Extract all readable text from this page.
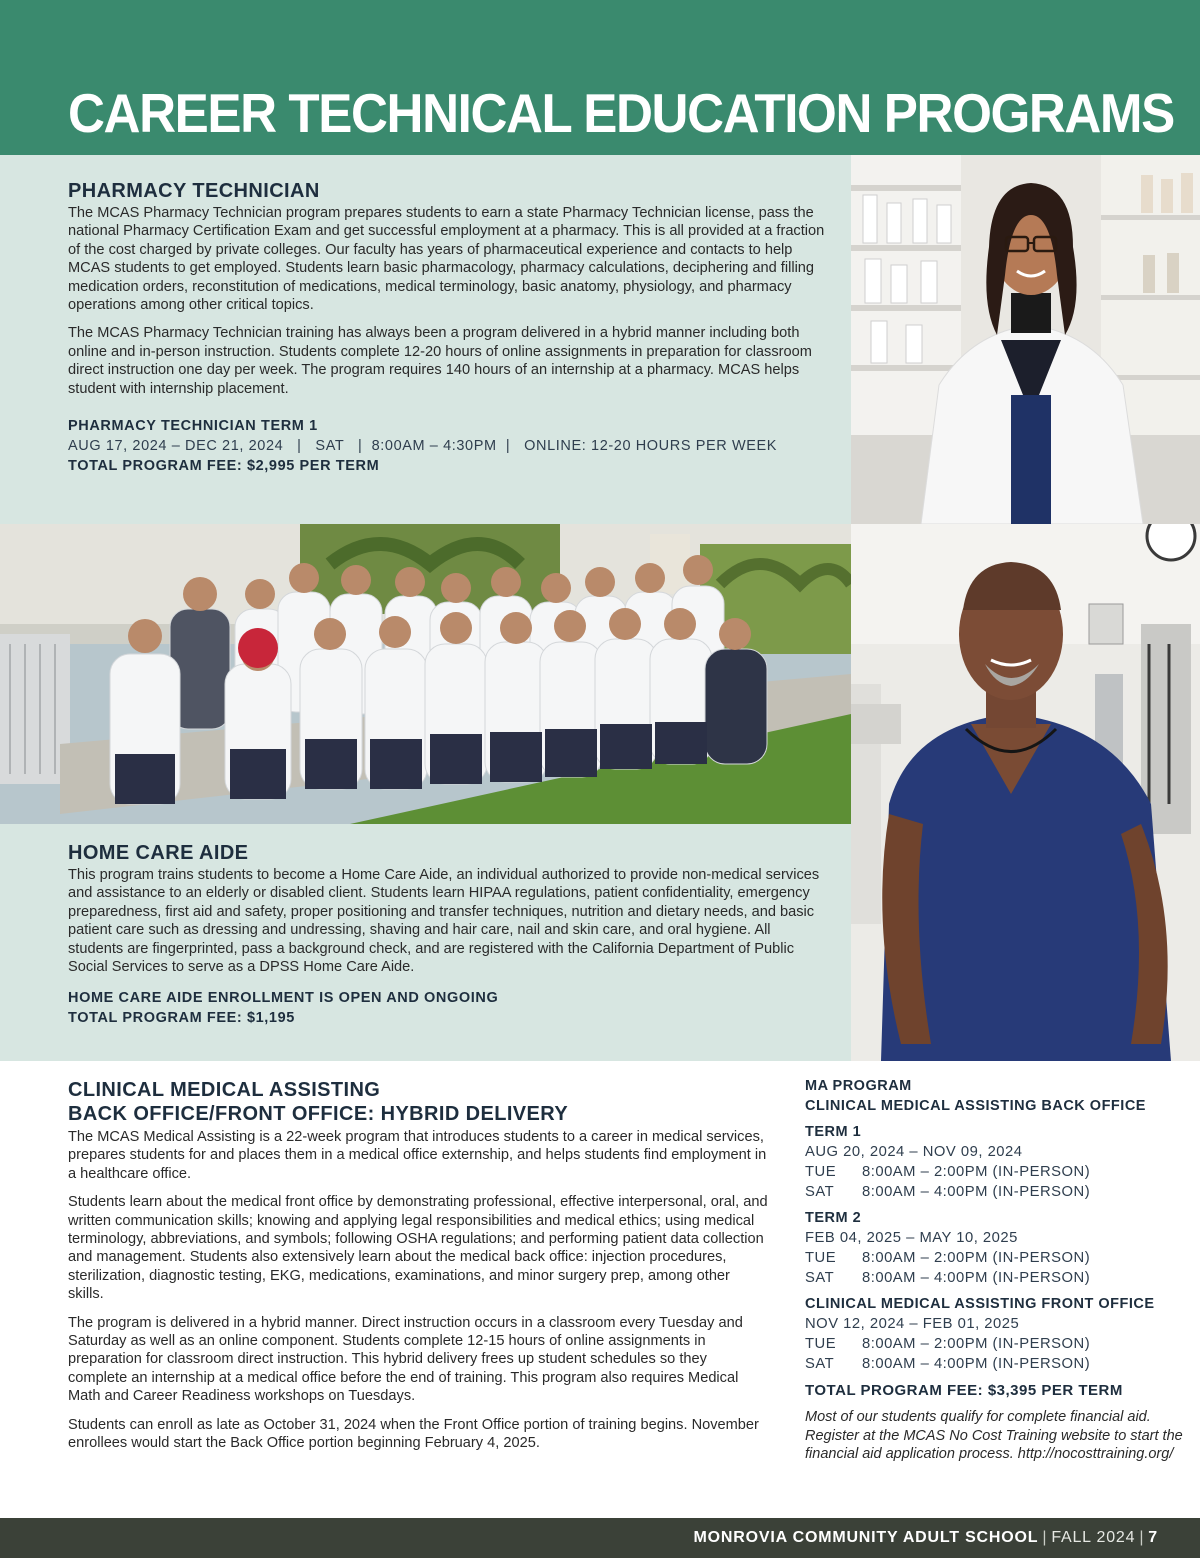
CAREER TECHNICAL EDUCATION PROGRAMS
PHARMACY TECHNICIAN
The MCAS Pharmacy Technician program prepares students to earn a state Pharmacy Technician license, pass the national Pharmacy Certification Exam and get successful employment at a pharmacy. This is all provided at a fraction of the cost charged by private colleges. Our faculty has years of pharmaceutical experience and contacts to help MCAS students to get employed. Students learn basic pharmacology, pharmacy calculations, deciphering and filling medication orders, reconstitution of medications, medical terminology, basic anatomy, physiology, and pharmacy operations among other critical topics.
The MCAS Pharmacy Technician training has always been a program delivered in a hybrid manner including both online and in-person instruction. Students complete 12-20 hours of online assignments in preparation for classroom direct instruction one day per week. The program requires 140 hours of an internship at a pharmacy. MCAS helps student with internship placement.
PHARMACY TECHNICIAN TERM 1
AUG 17, 2024 – DEC 21, 2024   |   SAT   |  8:00AM – 4:30PM  |   ONLINE: 12-20 HOURS PER WEEK
TOTAL PROGRAM FEE: $2,995 PER TERM
HOME CARE AIDE
This program trains students to become a Home Care Aide, an individual authorized to provide non-medical services and assistance to an elderly or disabled client. Students learn HIPAA regulations, patient confidentiality, emergency preparedness, first aid and safety, proper positioning and transfer techniques, nutrition and dietary needs, and basic patient care such as dressing and undressing, shaving and hair care, nail and skin care, and oral hygiene. All students are fingerprinted, pass a background check, and are registered with the California Department of Public Social Services to serve as a DPSS Home Care Aide.
HOME CARE AIDE ENROLLMENT IS OPEN AND ONGOING
TOTAL PROGRAM FEE: $1,195
CLINICAL MEDICAL ASSISTING
BACK OFFICE/FRONT OFFICE: HYBRID DELIVERY

The MCAS Medical Assisting is a 22-week program that introduces students to a career in medical services, prepares students for and places them in a medical office externship, and helps students find employment in a healthcare office.

Students learn about the medical front office by demonstrating professional, effective interpersonal, oral, and written communication skills; knowing and applying legal responsibilities and medical ethics; using medical terminology, abbreviations, and symbols; following OSHA regulations; and performing patient data collection and management. Students also extensively learn about the medical back office: injection procedures, sterilization, diagnostic testing, EKG, medications, examinations, and minor surgery prep, among other skills.

The program is delivered in a hybrid manner. Direct instruction occurs in a classroom every Tuesday and Saturday as well as an online component. Students complete 12-15 hours of online assignments in preparation for classroom direct instruction. This hybrid delivery frees up student schedules so they complete an internship at a medical office before the end of training. This program also requires Medical Math and Career Readiness workshops on Tuesdays.

Students can enroll as late as October 31, 2024 when the Front Office portion of training begins. November enrollees would start the Back Office portion beginning February 4, 2025.

MA PROGRAM
CLINICAL MEDICAL ASSISTING BACK OFFICE
TERM 1
AUG 20, 2024 – NOV 09, 2024
TUE 8:00AM – 2:00PM (IN-PERSON)
SAT 8:00AM – 4:00PM (IN-PERSON)
TERM 2
FEB 04, 2025 – MAY 10, 2025
TUE 8:00AM – 2:00PM (IN-PERSON)
SAT 8:00AM – 4:00PM (IN-PERSON)
CLINICAL MEDICAL ASSISTING FRONT OFFICE
NOV 12, 2024 – FEB 01, 2025
TUE 8:00AM – 2:00PM (IN-PERSON)
SAT 8:00AM – 4:00PM (IN-PERSON)
TOTAL PROGRAM FEE: $3,395 PER TERM
Most of our students qualify for complete financial aid. Register at the MCAS No Cost Training website to start the financial aid application process. http://nocosttraining.org/
MONROVIA COMMUNITY ADULT SCHOOL | FALL 2024 | 7
